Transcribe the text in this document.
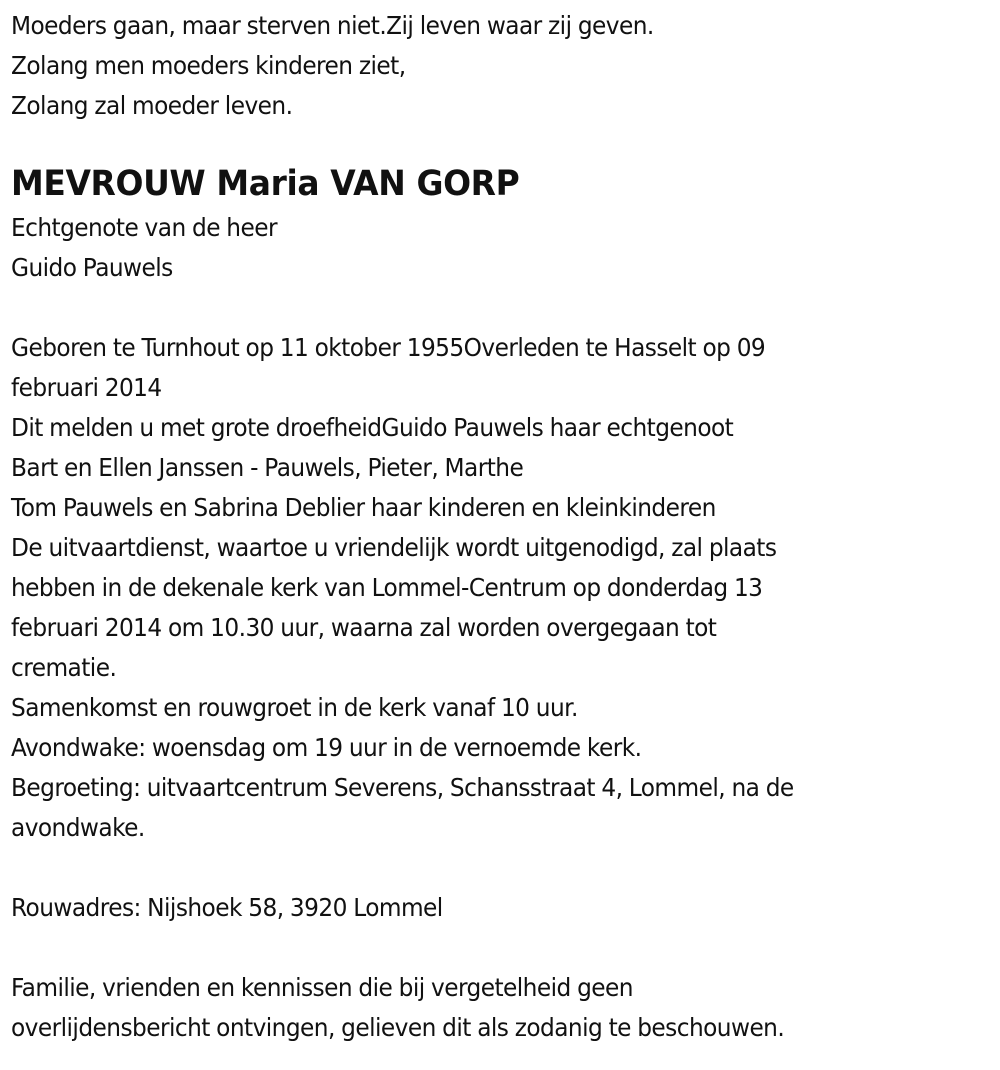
Moeders gaan, maar sterven niet.Zij leven waar zij geven.
Zolang men moeders kinderen ziet,
Zolang zal moeder leven.
MEVROUW Maria VAN GORP
Echtgenote van de heer
Guido Pauwels
Geboren te Turnhout op 11 oktober 1955Overleden te Hasselt op 09
februari 2014
Dit melden u met grote droefheidGuido Pauwels haar echtgenoot
Bart en Ellen Janssen - Pauwels, Pieter, Marthe
Tom Pauwels en Sabrina Deblier haar kinderen en kleinkinderen
De uitvaartdienst, waartoe u vriendelijk wordt uitgenodigd, zal plaats
hebben in de dekenale kerk van Lommel-Centrum op donderdag 13
februari 2014 om 10.30 uur, waarna zal worden overgegaan tot
crematie.
Samenkomst en rouwgroet in de kerk vanaf 10 uur.
Avondwake: woensdag om 19 uur in de vernoemde kerk.
Begroeting: uitvaartcentrum Severens, Schansstraat 4, Lommel, na de
avondwake.
Rouwadres: Nijshoek 58, 3920 Lommel
Familie, vrienden en kennissen die bij vergetelheid geen
overlijdensbericht ontvingen, gelieven dit als zodanig te beschouwen.
